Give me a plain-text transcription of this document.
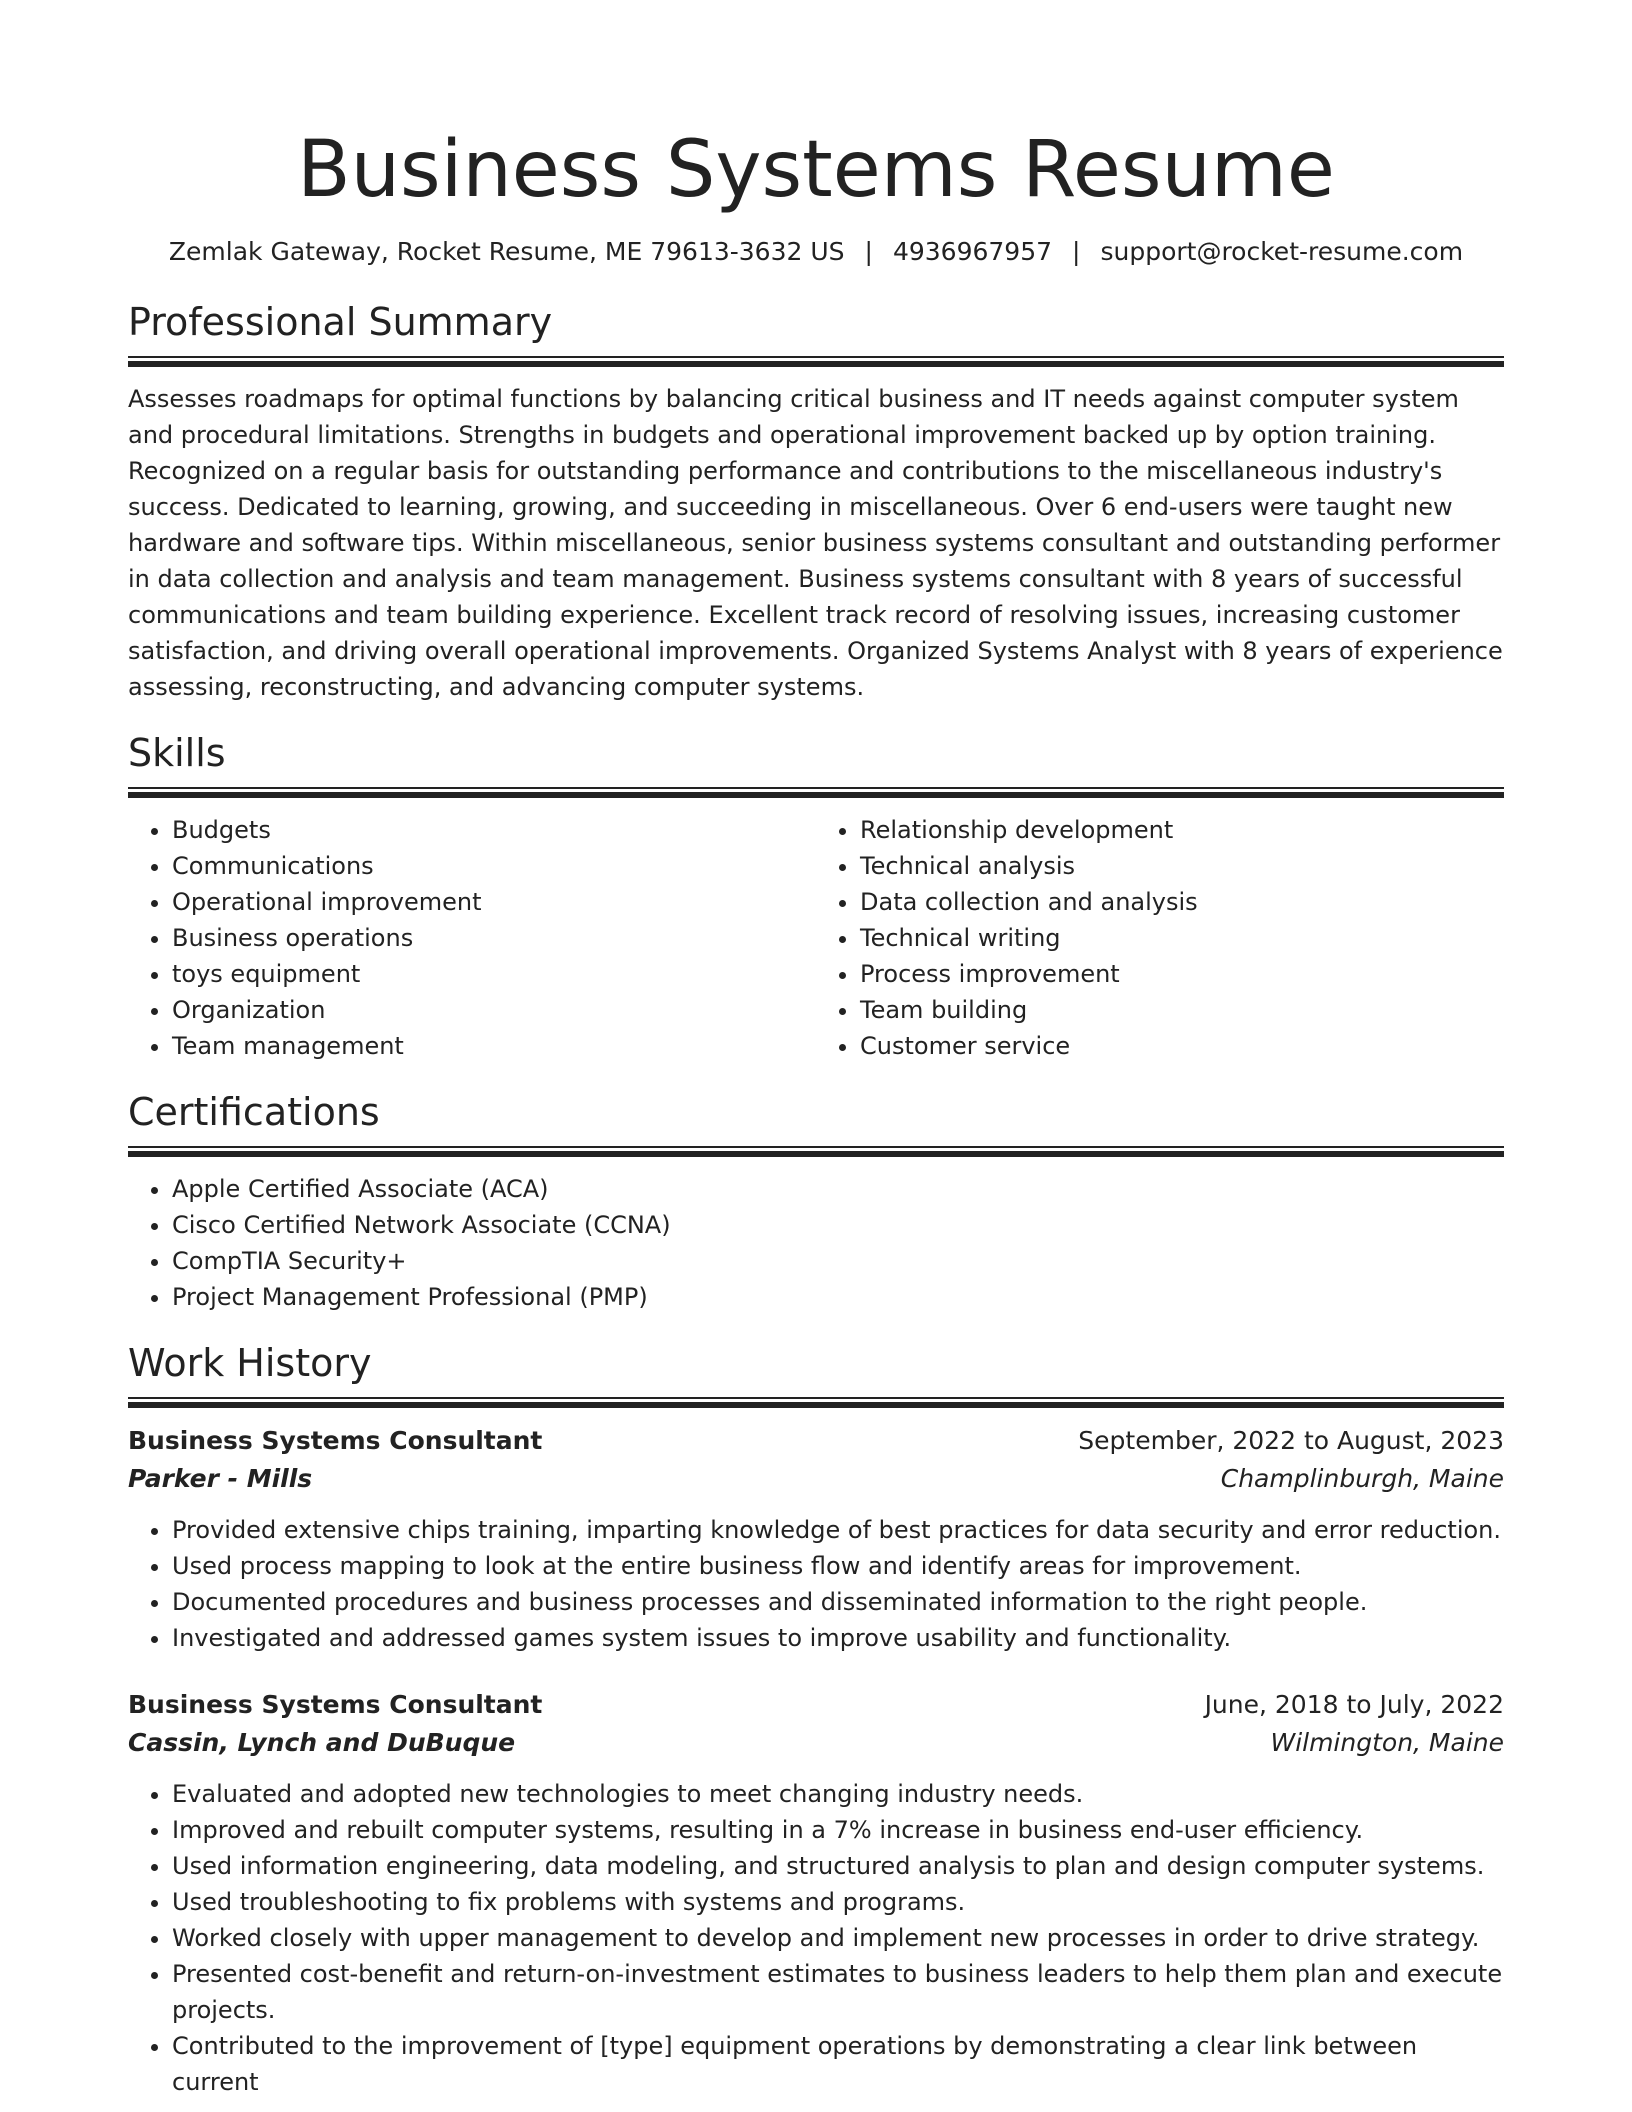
Business Systems Resume
Zemlak Gateway, Rocket Resume, ME 79613-3632 US | 4936967957 | support@rocket-resume.com
Professional Summary

Assesses roadmaps for optimal functions by balancing critical business and IT needs against computer system and procedural limitations. Strengths in budgets and operational improvement backed up by option training. Recognized on a regular basis for outstanding performance and contributions to the miscellaneous industry's success. Dedicated to learning, growing, and succeeding in miscellaneous. Over 6 end-users were taught new hardware and software tips. Within miscellaneous, senior business systems consultant and outstanding performer in data collection and analysis and team management. Business systems consultant with 8 years of successful communications and team building experience. Excellent track record of resolving issues, increasing customer satisfaction, and driving overall operational improvements. Organized Systems Analyst with 8 years of experience assessing, reconstructing, and advancing computer systems.

Skills
• Budgets
• Communications
• Operational improvement
• Business operations
• toys equipment
• Organization
• Team management
• Relationship development
• Technical analysis
• Data collection and analysis
• Technical writing
• Process improvement
• Team building
• Customer service
Certifications
• Apple Certified Associate (ACA)
• Cisco Certified Network Associate (CCNA)
• CompTIA Security+
• Project Management Professional (PMP)
Work History
Business Systems Consultant	September, 2022 to August, 2023
Parker - Mills	Champlinburgh, Maine
• Provided extensive chips training, imparting knowledge of best practices for data security and error reduction.
• Used process mapping to look at the entire business flow and identify areas for improvement.
• Documented procedures and business processes and disseminated information to the right people.
• Investigated and addressed games system issues to improve usability and functionality.
Business Systems Consultant	June, 2018 to July, 2022
Cassin, Lynch and DuBuque	Wilmington, Maine
• Evaluated and adopted new technologies to meet changing industry needs.
• Improved and rebuilt computer systems, resulting in a 7% increase in business end-user efficiency.
• Used information engineering, data modeling, and structured analysis to plan and design computer systems.
• Used troubleshooting to fix problems with systems and programs.
• Worked closely with upper management to develop and implement new processes in order to drive strategy.
• Presented cost-benefit and return-on-investment estimates to business leaders to help them plan and execute projects.
• Contributed to the improvement of [type] equipment operations by demonstrating a clear link between current
